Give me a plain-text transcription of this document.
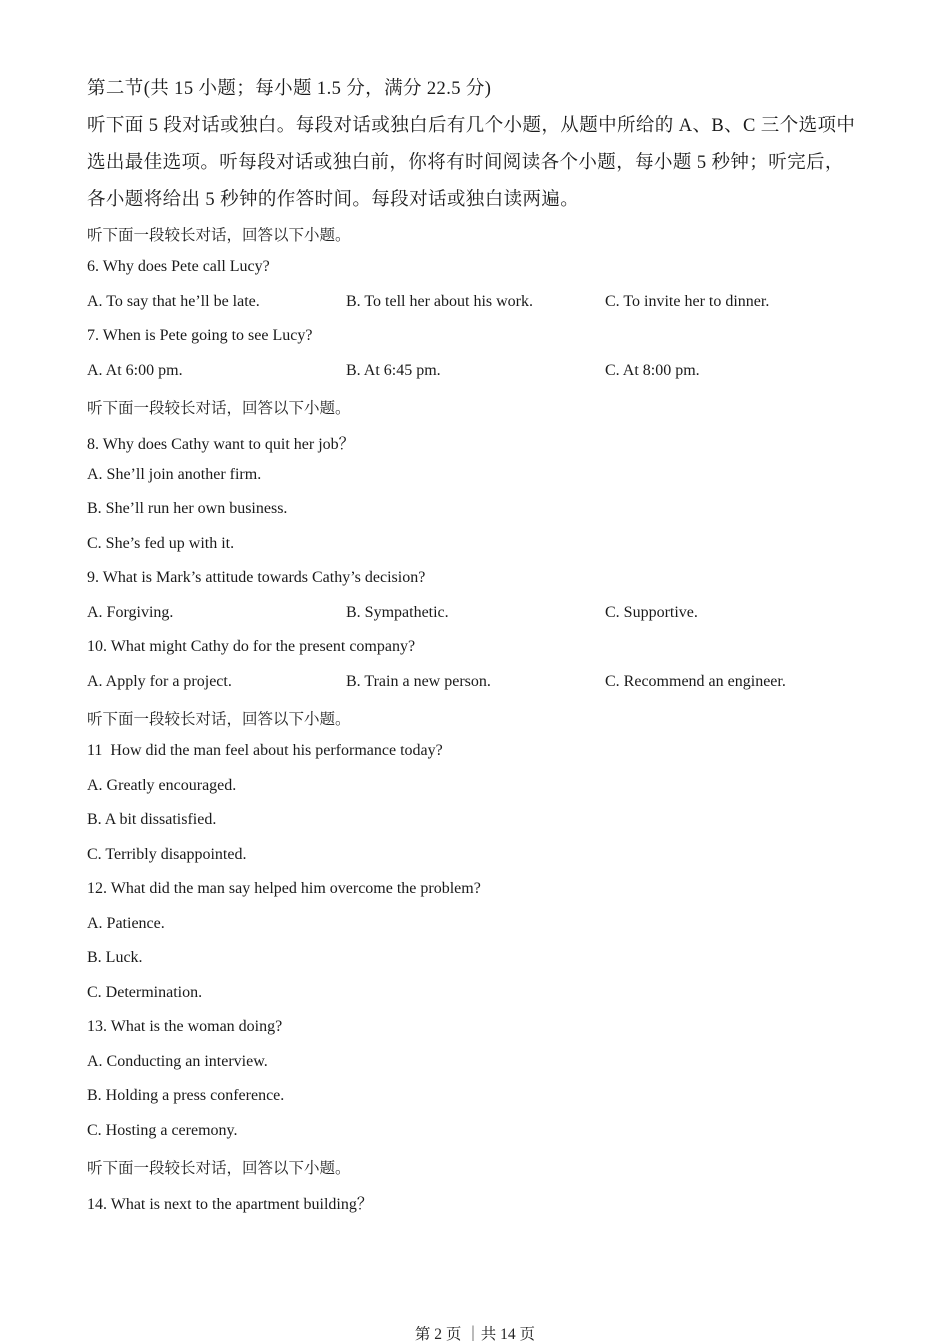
第二节(共 15 小题；每小题 1.5 分，满分 22.5 分)
听下面 5 段对话或独白。每段对话或独白后有几个小题，从题中所给的 A、B、C 三个选项中
选出最佳选项。听每段对话或独白前，你将有时间阅读各个小题，每小题 5 秒钟；听完后，
各小题将给出 5 秒钟的作答时间。每段对话或独白读两遍。
听下面一段较长对话，回答以下小题。
6. Why does Pete call Lucy?
A. To say that he’ll be late.	B. To tell her about his work.	C. To invite her to dinner.
7. When is Pete going to see Lucy?
A. At 6:00 pm.	B. At 6:45 pm.	C. At 8:00 pm.
听下面一段较长对话，回答以下小题。
8. Why does Cathy want to quit her job？
A. She’ll join another firm.
B. She’ll run her own business.
C. She’s fed up with it.
9. What is Mark’s attitude towards Cathy’s decision?
A. Forgiving.	B. Sympathetic.	C. Supportive.
10. What might Cathy do for the present company?
A. Apply for a project.	B. Train a new person.	C. Recommend an engineer.
听下面一段较长对话，回答以下小题。
11  How did the man feel about his performance today?
A. Greatly encouraged.
B. A bit dissatisfied.
C. Terribly disappointed.
12. What did the man say helped him overcome the problem?
A. Patience.
B. Luck.
C. Determination.
13. What is the woman doing?
A. Conducting an interview.
B. Holding a press conference.
C. Hosting a ceremony.
听下面一段较长对话，回答以下小题。
14. What is next to the apartment building？
第 2 页 ｜共 14 页
